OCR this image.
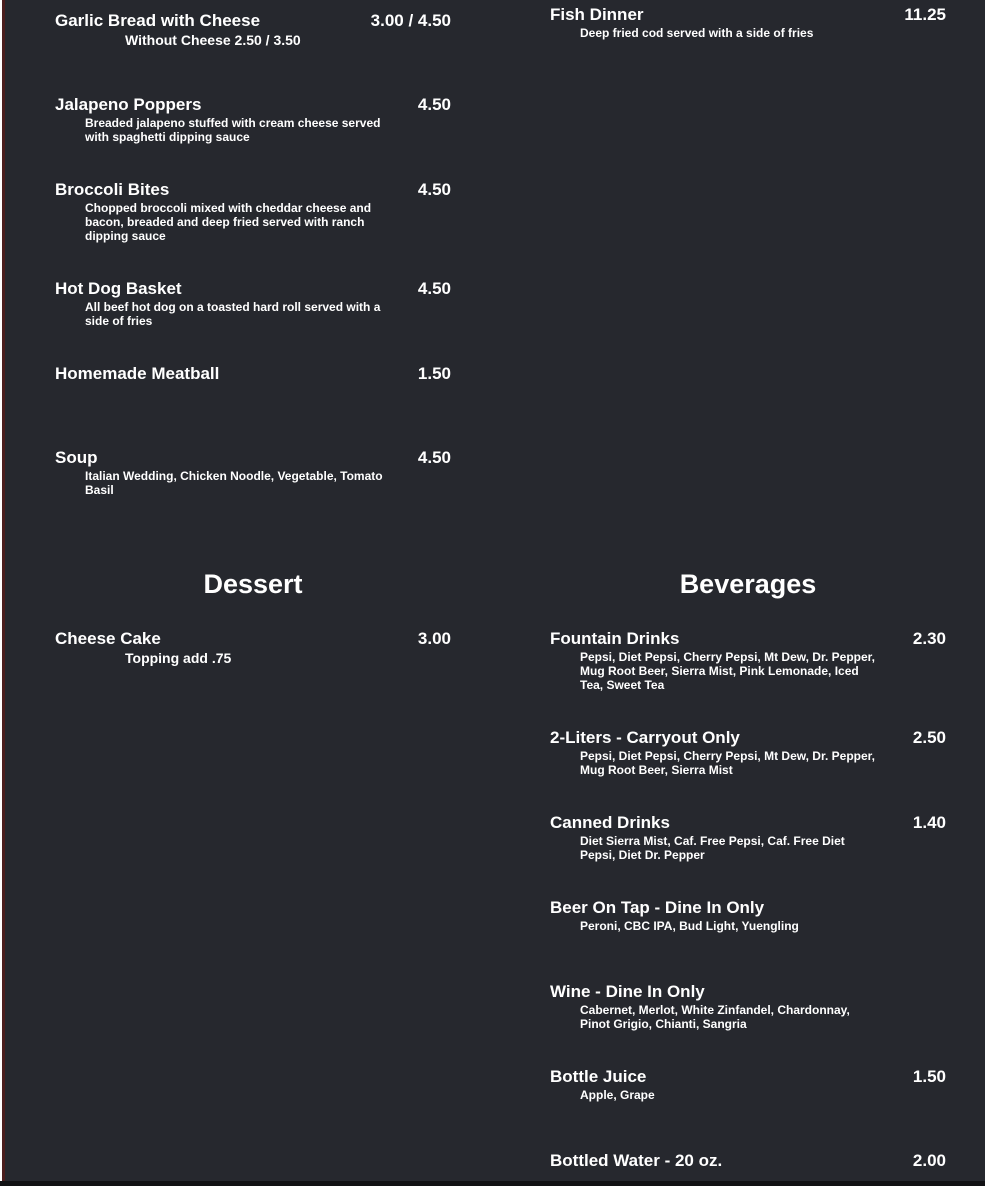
Garlic Bread with Cheese	3.00 / 4.50
Without Cheese 2.50 / 3.50
Jalapeno Poppers	4.50
Breaded jalapeno stuffed with cream cheese served with spaghetti dipping sauce
Broccoli Bites	4.50
Chopped broccoli mixed with cheddar cheese and bacon, breaded and deep fried served with ranch dipping sauce
Hot Dog Basket	4.50
All beef hot dog on a toasted hard roll served with a side of fries
Homemade Meatball	1.50
Soup	4.50
Italian Wedding, Chicken Noodle, Vegetable, Tomato Basil
Fish Dinner	11.25
Deep fried cod served with a side of fries
Dessert
Cheese Cake	3.00
Topping add .75
Beverages
Fountain Drinks	2.30
Pepsi, Diet Pepsi, Cherry Pepsi, Mt Dew, Dr. Pepper, Mug Root Beer, Sierra Mist, Pink Lemonade, Iced Tea, Sweet Tea
2-Liters - Carryout Only	2.50
Pepsi, Diet Pepsi, Cherry Pepsi, Mt Dew, Dr. Pepper, Mug Root Beer, Sierra Mist
Canned Drinks	1.40
Diet Sierra Mist, Caf. Free Pepsi, Caf. Free Diet Pepsi, Diet Dr. Pepper
Beer On Tap - Dine In Only
Peroni, CBC IPA, Bud Light, Yuengling
Wine - Dine In Only
Cabernet, Merlot, White Zinfandel, Chardonnay, Pinot Grigio, Chianti, Sangria
Bottle Juice	1.50
Apple, Grape
Bottled Water - 20 oz.	2.00
